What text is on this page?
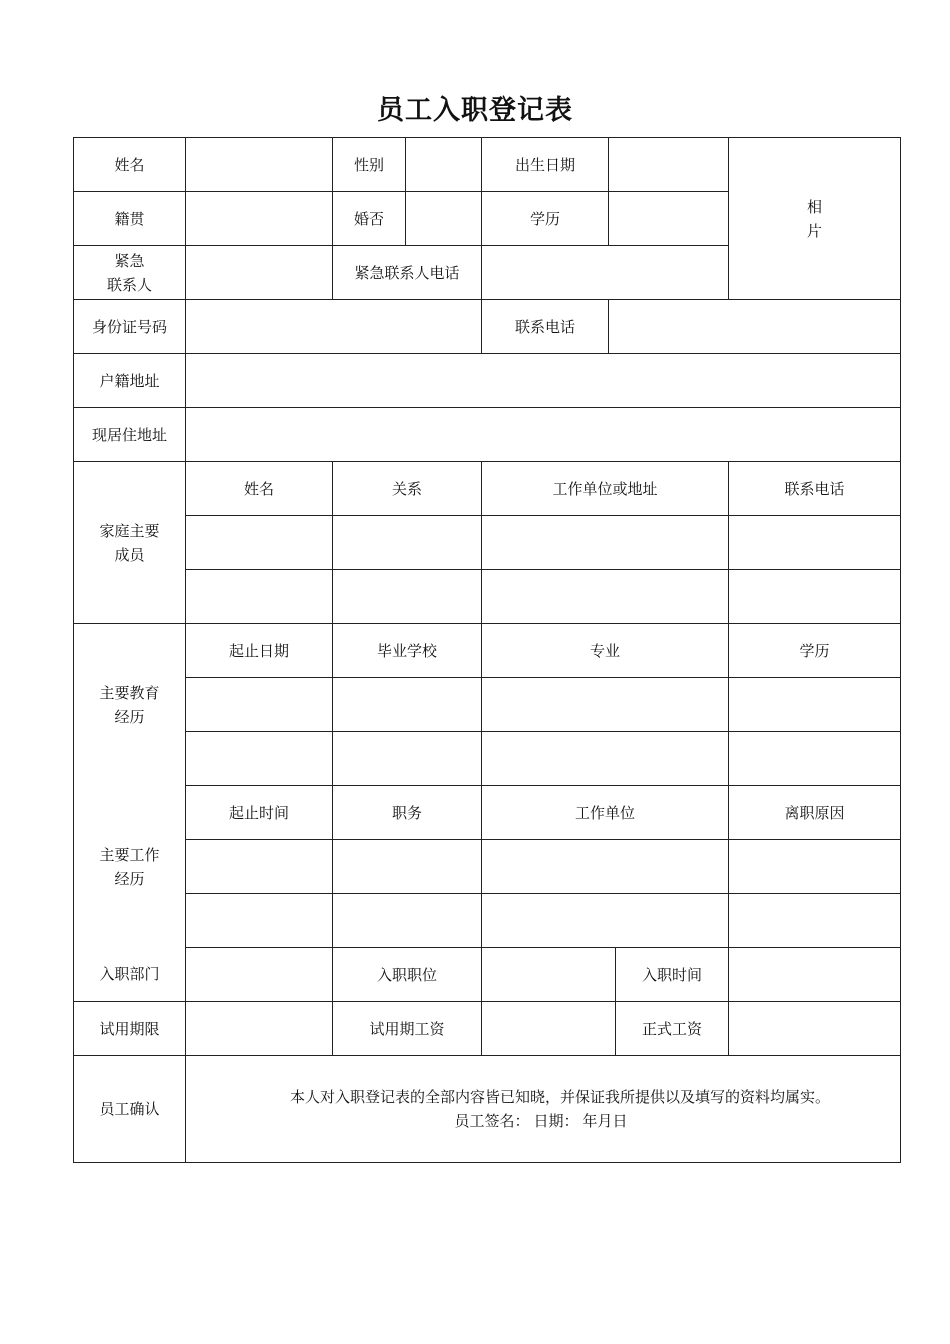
员工入职登记表
姓名		性别		出生日期			相
片

籍贯		婚否		学历			

紧急
联系人		紧急联系人电话					
身份证号码				联系电话			
户籍地址							
现居住地址							

家庭主要
成员	姓名	关系		工作单位或地址			联系电话

主要教育
经历	起止日期	毕业学校		专业			学历

主要工作
经历	起止时间	职务		工作单位			离职原因

入职部门		入职职位				入职时间	
试用期限		试用期工资				正式工资	
员工确认	本人对入职登记表的全部内容皆已知晓，并保证我所提供以及填写的资料均属实。
员工签名： 日期： 年月日						
